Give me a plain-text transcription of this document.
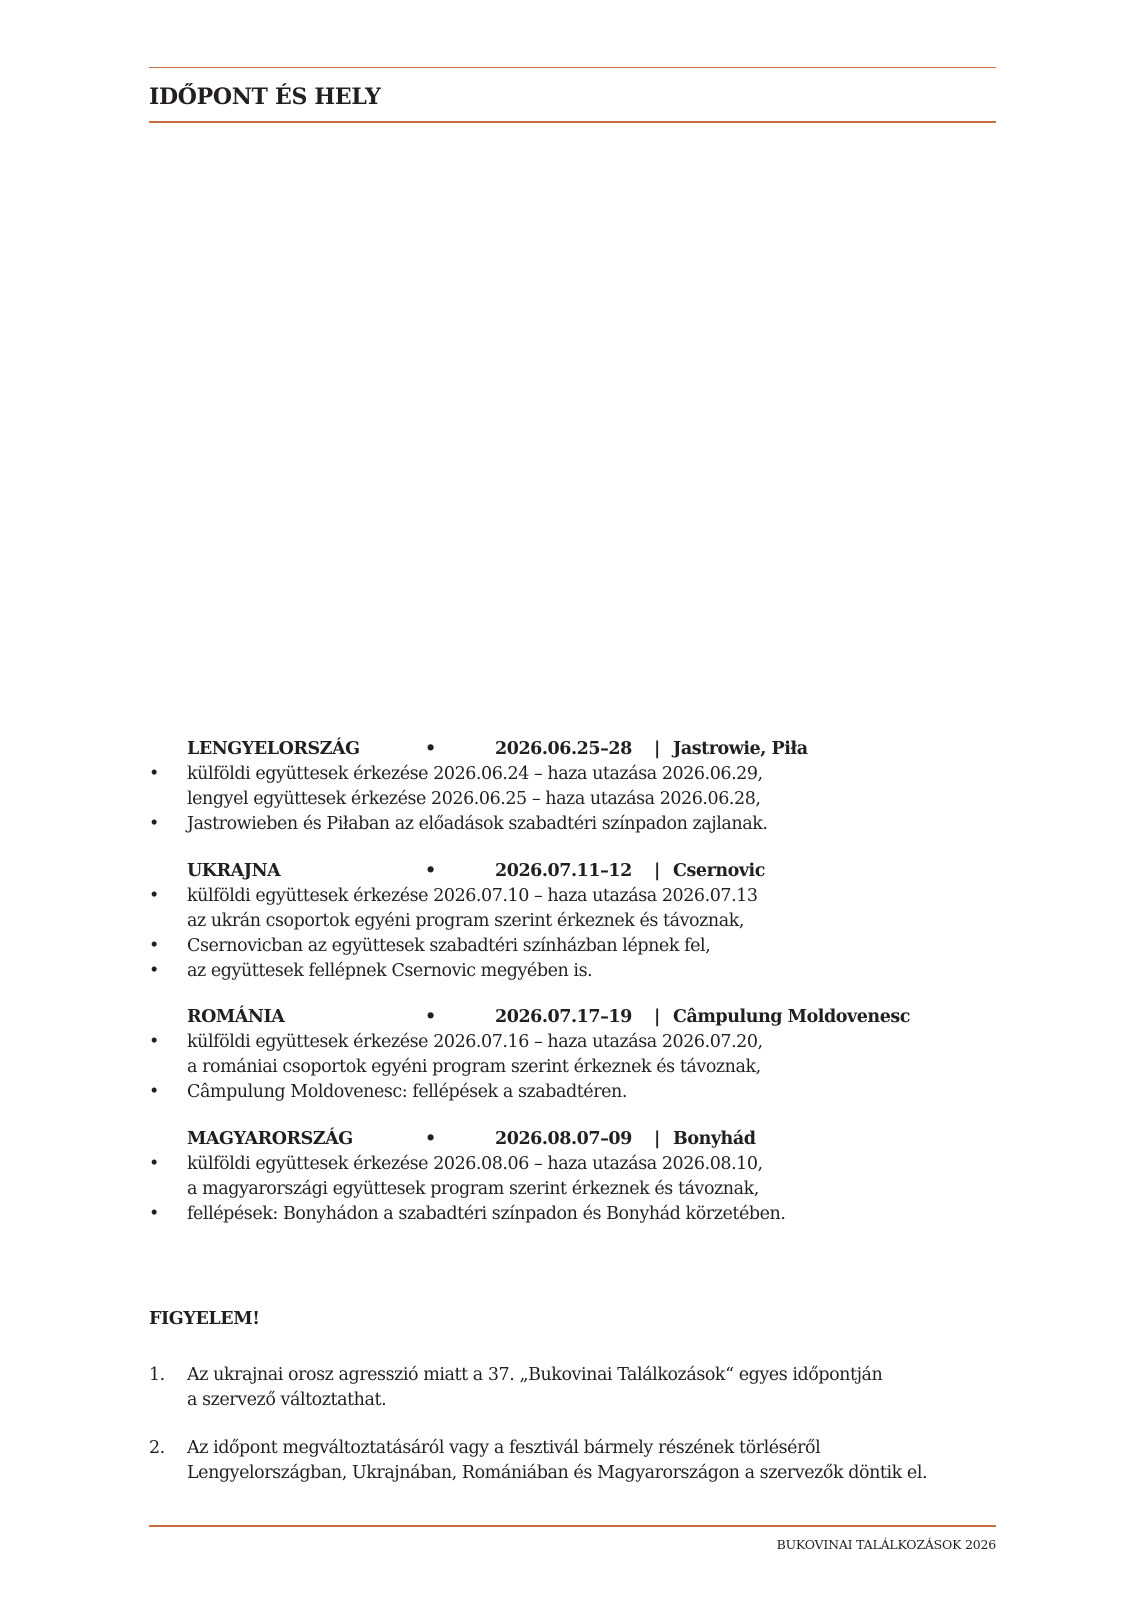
IDŐPONT ÉS HELY
LENGYELORSZÁG	•	2026.06.25–28 | Jastrowie, Piła
• külföldi együttesek érkezése 2026.06.24 – haza utazása 2026.06.29,
lengyel együttesek érkezése 2026.06.25 – haza utazása 2026.06.28,
• Jastrowieben és Piłaban az előadások szabadtéri színpadon zajlanak.
UKRAJNA	•	2026.07.11–12 | Csernovic
• külföldi együttesek érkezése 2026.07.10 – haza utazása 2026.07.13
az ukrán csoportok egyéni program szerint érkeznek és távoznak,
• Csernovicban az együttesek szabadtéri színházban lépnek fel,
• az együttesek fellépnek Csernovic megyében is.
ROMÁNIA	•	2026.07.17–19 | Câmpulung Moldovenesc
• külföldi együttesek érkezése 2026.07.16 – haza utazása 2026.07.20,
a romániai csoportok egyéni program szerint érkeznek és távoznak,
• Câmpulung Moldovenesc: fellépések a szabadtéren.
MAGYARORSZÁG	•	2026.08.07–09 | Bonyhád
• külföldi együttesek érkezése 2026.08.06 – haza utazása 2026.08.10,
a magyarországi együttesek program szerint érkeznek és távoznak,
• fellépések: Bonyhádon a szabadtéri színpadon és Bonyhád körzetében.
FIGYELEM!
1. Az ukrajnai orosz agresszió miatt a 37. „Bukovinai Találkozások“ egyes időpontján
a szervező változtathat.
2. Az időpont megváltoztatásáról vagy a fesztivál bármely részének törléséről
Lengyelországban, Ukrajnában, Romániában és Magyarországon a szervezők döntik el.
BUKOVINAI TALÁLKOZÁSOK 2026
